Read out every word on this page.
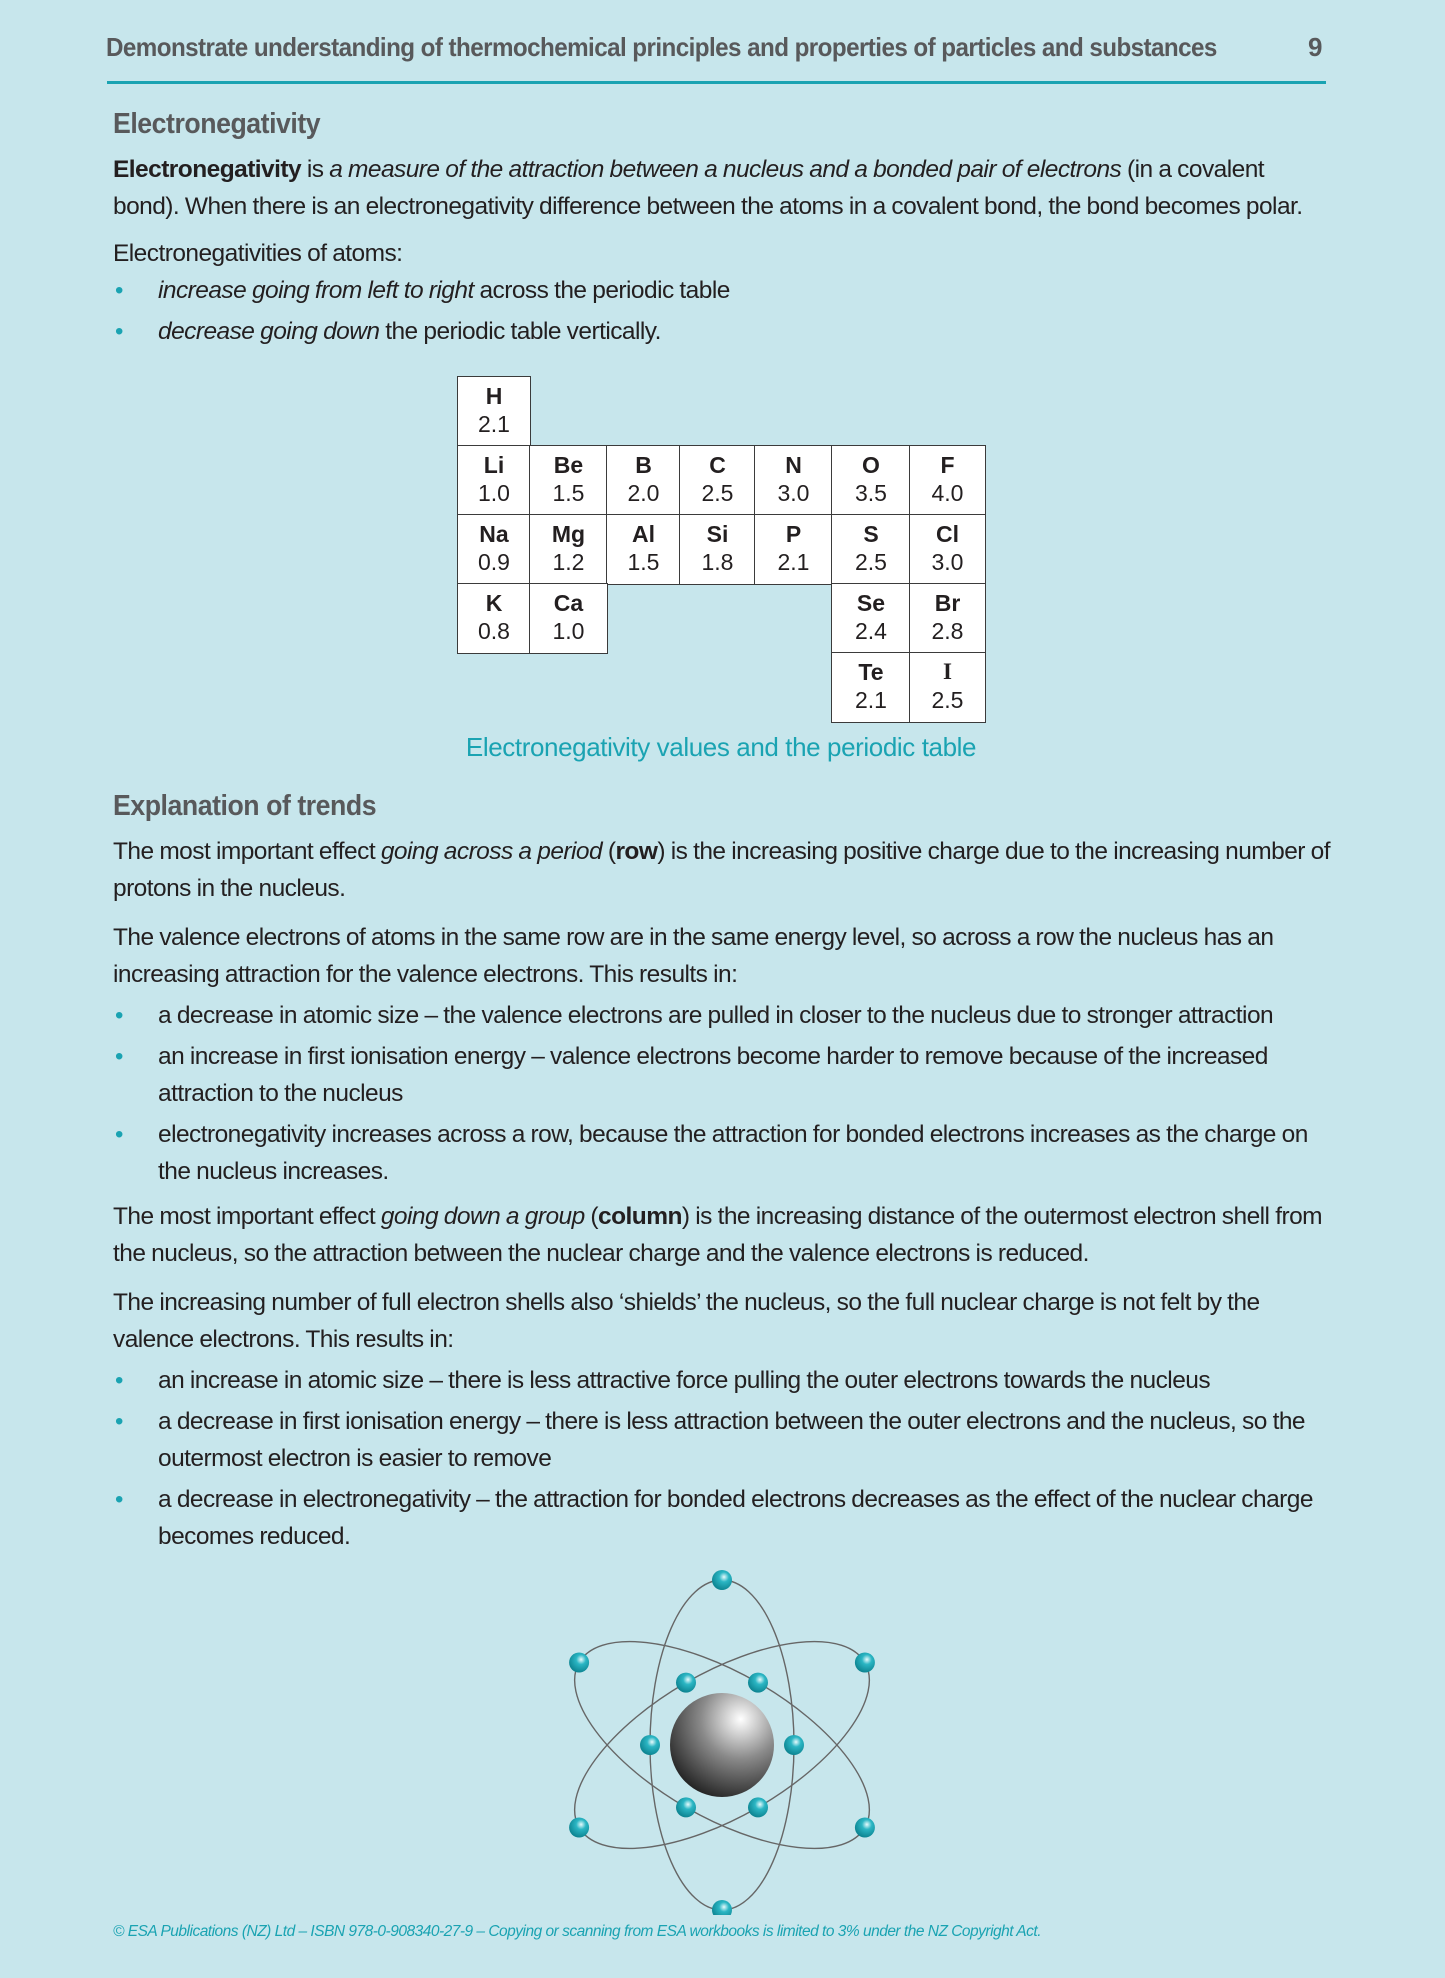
Demonstrate understanding of thermochemical principles and properties of particles and substances	9
Electronegativity

Electronegativity is a measure of the attraction between a nucleus and a bonded pair of electrons (in a covalent bond). When there is an electronegativity difference between the atoms in a covalent bond, the bond becomes polar.

Electronegativities of atoms:

• increase going from left to right across the periodic table
• decrease going down the periodic table vertically.
H
2.1
Li
1.0
Be
1.5
B
2.0
C
2.5
N
3.0
O
3.5
F
4.0
Na
0.9
Mg
1.2
Al
1.5
Si
1.8
P
2.1
S
2.5
Cl
3.0
K
0.8
Ca
1.0
Se
2.4
Br
2.8
Te
2.1
I
2.5
Electronegativity values and the periodic table
Explanation of trends

The most important effect going across a period (row) is the increasing positive charge due to the increasing number of protons in the nucleus.

The valence electrons of atoms in the same row are in the same energy level, so across a row the nucleus has an increasing attraction for the valence electrons. This results in:

• a decrease in atomic size – the valence electrons are pulled in closer to the nucleus due to stronger attraction
• an increase in first ionisation energy – valence electrons become harder to remove because of the increased attraction to the nucleus
• electronegativity increases across a row, because the attraction for bonded electrons increases as the charge on the nucleus increases.

The most important effect going down a group (column) is the increasing distance of the outermost electron shell from the nucleus, so the attraction between the nuclear charge and the valence electrons is reduced.

The increasing number of full electron shells also ‘shields’ the nucleus, so the full nuclear charge is not felt by the valence electrons. This results in:

• an increase in atomic size – there is less attractive force pulling the outer electrons towards the nucleus
• a decrease in first ionisation energy – there is less attraction between the outer electrons and the nucleus, so the outermost electron is easier to remove
• a decrease in electronegativity – the attraction for bonded electrons decreases as the effect of the nuclear charge becomes reduced.
© ESA Publications (NZ) Ltd – ISBN 978-0-908340-27-9 – Copying or scanning from ESA workbooks is limited to 3% under the NZ Copyright Act.
